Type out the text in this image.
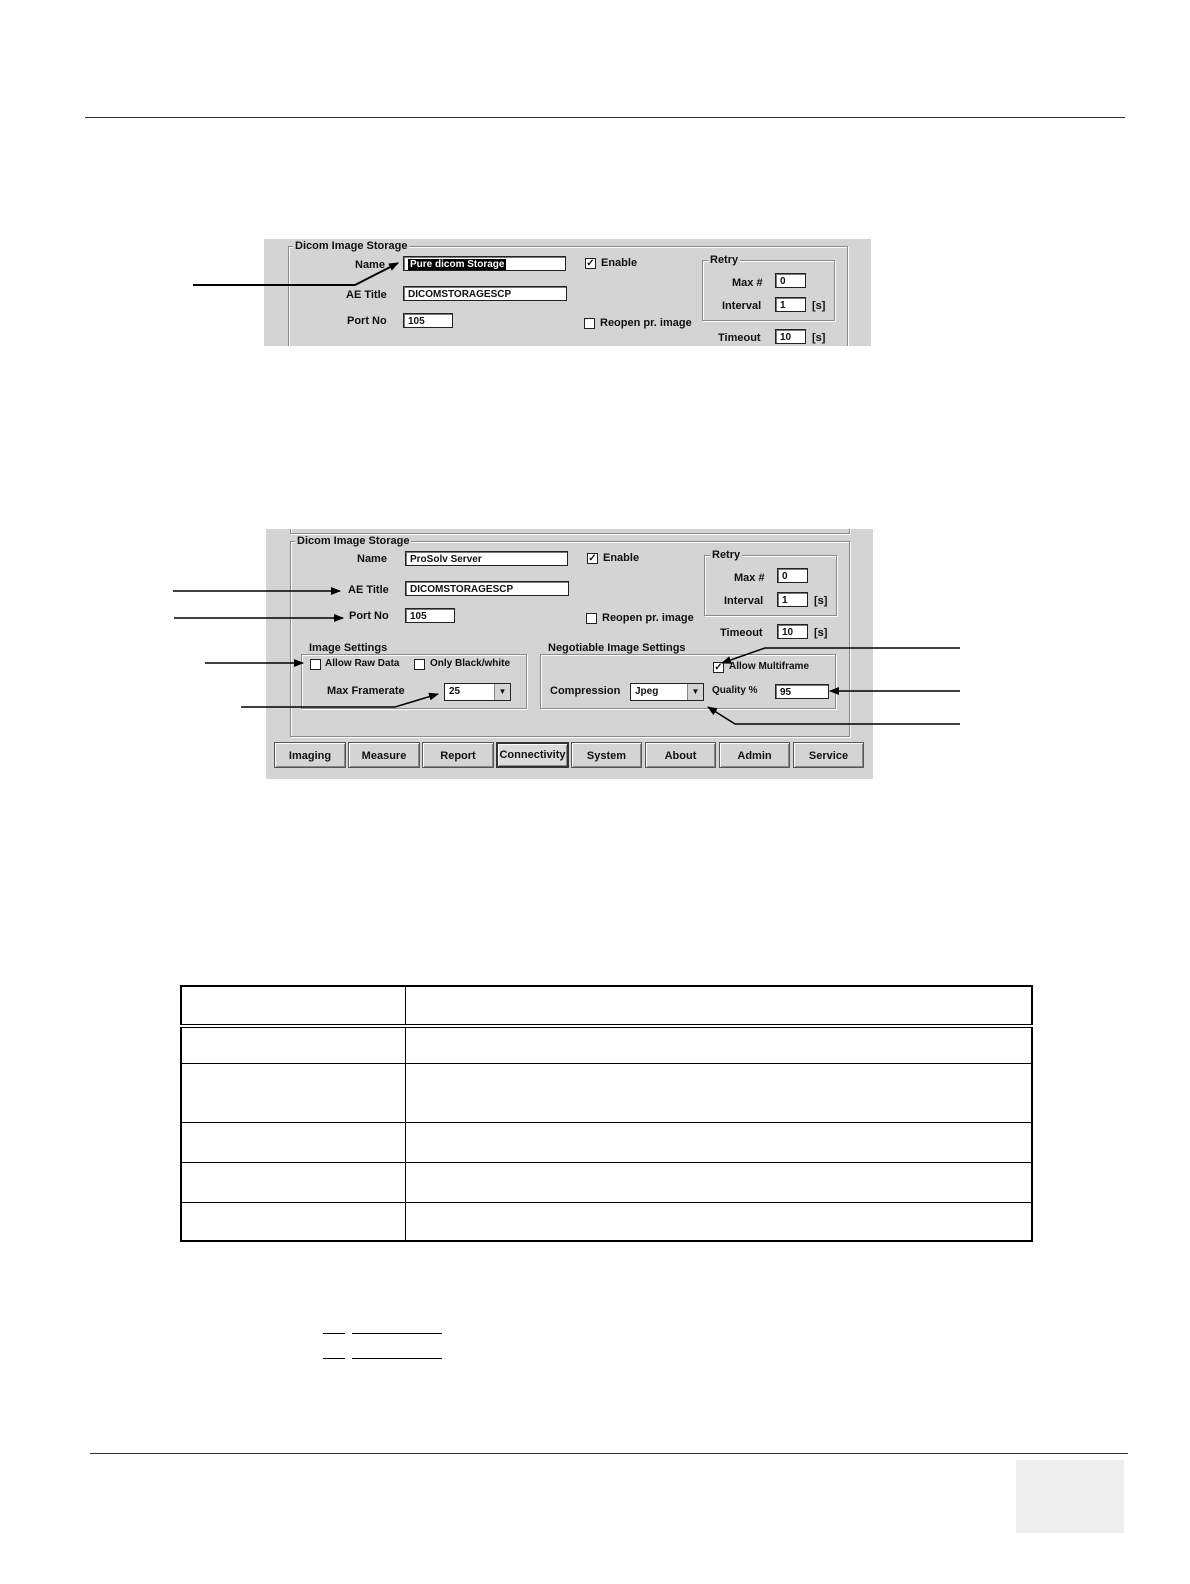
Dicom Image Storage
Name	Pure dicom Storage
AE Title	DICOMSTORAGESCP
Port No	105
✓ Enable
Reopen pr. image
Retry
Max #	0
Interval	1	[s]
Timeout	10	[s]
Dicom Image Storage
Name	ProSolv Server
AE Title	DICOMSTORAGESCP
Port No	105
✓ Enable
Reopen pr. image
Retry
Max #	0
Interval	1	[s]
Timeout	10	[s]
Image Settings
Allow Raw Data	Only Black/white
Max Framerate	25	▼
Negotiable Image Settings
✓ Allow Multiframe
Compression	Jpeg	▼	Quality %	95
Imaging	Measure	Report	Connectivity	System	About	Admin	Service
